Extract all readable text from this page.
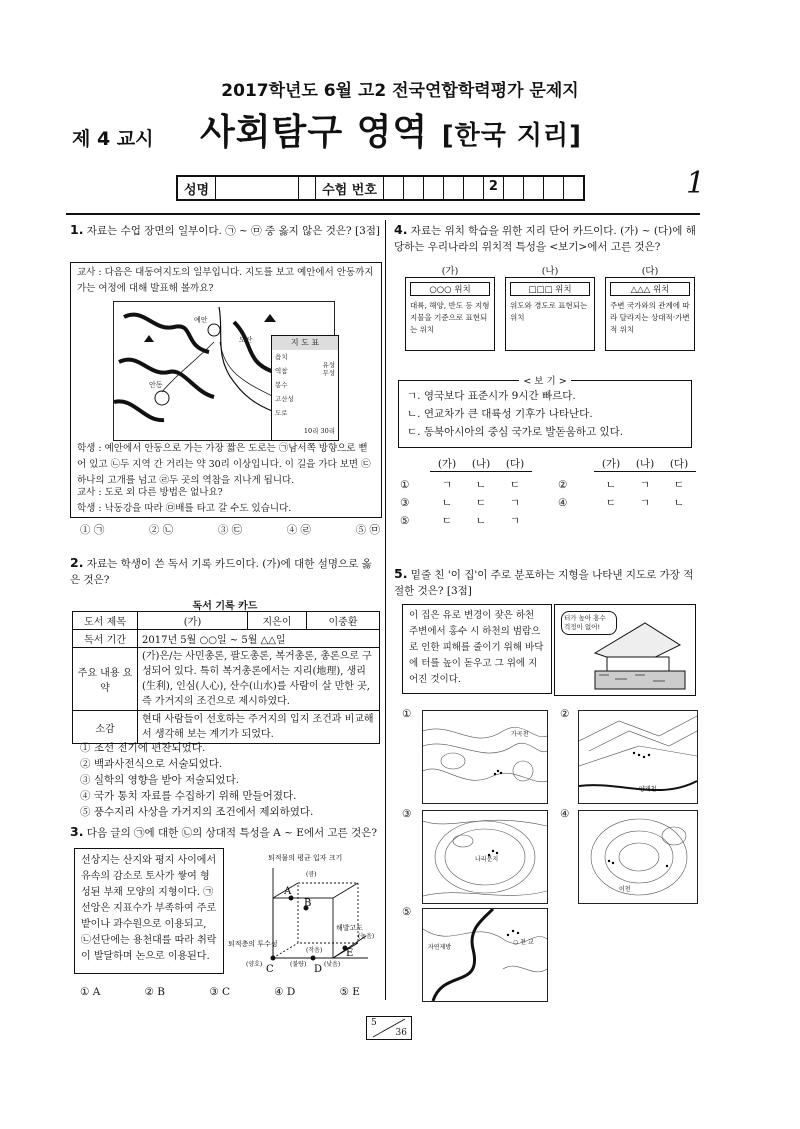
2017학년도 6월 고2 전국연합학력평가 문제지
제 4 교시 사회탐구 영역 [한국 지리]
성명	수험 번호	2	1
1. 자료는 수업 장면의 일부이다. ㉠ ~ ㉤ 중 옳지 않은 것은? [3점]
교사 : 다음은 대동여지도의 일부입니다. 지도를 보고 예안에서 안동까지 가는 여정에 대해 발표해 볼까요?
예안
안동
도산	지 도 표
읍치
역참
봉수
고산성
도로
유성
무성
10리 30리
학생 : 예안에서 안동으로 가는 가장 짧은 도로는 ㉠남서쪽 방향으로 뻗어 있고 ㉡두 지역 간 거리는 약 30리 이상입니다. 이 길을 가다 보면 ㉢하나의 고개를 넘고 ㉣두 곳의 역참을 지나게 됩니다.
교사 : 도로 외 다른 방법은 없나요?
학생 : 낙동강을 따라 ㉤배를 타고 갈 수도 있습니다.
① ㉠	② ㉡	③ ㉢	④ ㉣	⑤ ㉤
2. 자료는 학생이 쓴 독서 기록 카드이다. (가)에 대한 설명으로 옳은 것은?
독서 기록 카드
도서 제목	(가)	지은이	이중환
독서 기간	2017년 5월 ○○일 ~ 5월 △△일		
주요 내용 요약	(가)은/는 사민총론, 팔도총론, 복거총론, 총론으로 구성되어 있다. 특히 복거총론에서는 지리(地理), 생리(生利), 인심(人心), 산수(山水)를 사람이 살 만한 곳, 즉 가거지의 조건으로 제시하였다.		
소감	현대 사람들이 선호하는 주거지의 입지 조건과 비교해서 생각해 보는 계기가 되었다.		
① 조선 전기에 편찬되었다.
② 백과사전식으로 서술되었다.
③ 실학의 영향을 받아 저술되었다.
④ 국가 통치 자료를 수집하기 위해 만들어졌다.
⑤ 풍수지리 사상을 가거지의 조건에서 제외하였다.
3. 다음 글의 ㉠에 대한 ㉡의 상대적 특성을 A ~ E에서 고른 것은?
선상지는 산지와 평지 사이에서 유속의 감소로 토사가 쌓여 형성된 부채 모양의 지형이다. ㉠선앙은 지표수가 부족하여 주로 밭이나 과수원으로 이용되고, ㉡선단에는 용천대를 따라 취락이 발달하며 논으로 이용된다.
퇴적물의 평균 입자 크기
해발고도
퇴적층의 투수성
A
B
C	D
E
(큼)
(작음)
(높음)
(낮음)
(양호)	(불량)
① A	② B	③ C	④ D	⑤ E
4. 자료는 위치 학습을 위한 지리 단어 카드이다. (가) ~ (다)에 해당하는 우리나라의 위치적 특성을 <보기>에서 고른 것은?
(가)
○○○ 위치
대륙, 해양, 반도 등 지형 지물을 기준으로 표현되는 위치
(나)
□□□ 위치
위도와 경도로 표현되는 위치
(다)
△△△ 위치
주변 국가와의 관계에 따라 달라지는 상대적·가변적 위치
< 보 기 >
ㄱ. 영국보다 표준시가 9시간 빠르다.
ㄴ. 연교차가 큰 대륙성 기후가 나타난다.
ㄷ. 동북아시아의 중심 국가로 발돋움하고 있다.
(가)	(나)	(다)	(가)	(나)	(다)
①	ㄱ	ㄴ	ㄷ	②	ㄴ	ㄱ	ㄷ
③	ㄴ	ㄷ	ㄱ	④	ㄷ	ㄱ	ㄴ
⑤	ㄷ	ㄴ	ㄱ
5. 밑줄 친 '이 집'이 주로 분포하는 지형을 나타낸 지도로 가장 적절한 것은? [3점]
이 집은 유로 변경이 잦은 하천 주변에서 홍수 시 하천의 범람으로 인한 피해를 줄이기 위해 바닥에 터를 높이 돋우고 그 위에 지어진 것이다.
터가 높아 홍수 걱정이 없어!
①
가곡천
②
양재천
③
나리분지
④
이천
⑤
자연제방
○ 천 교
5
36
